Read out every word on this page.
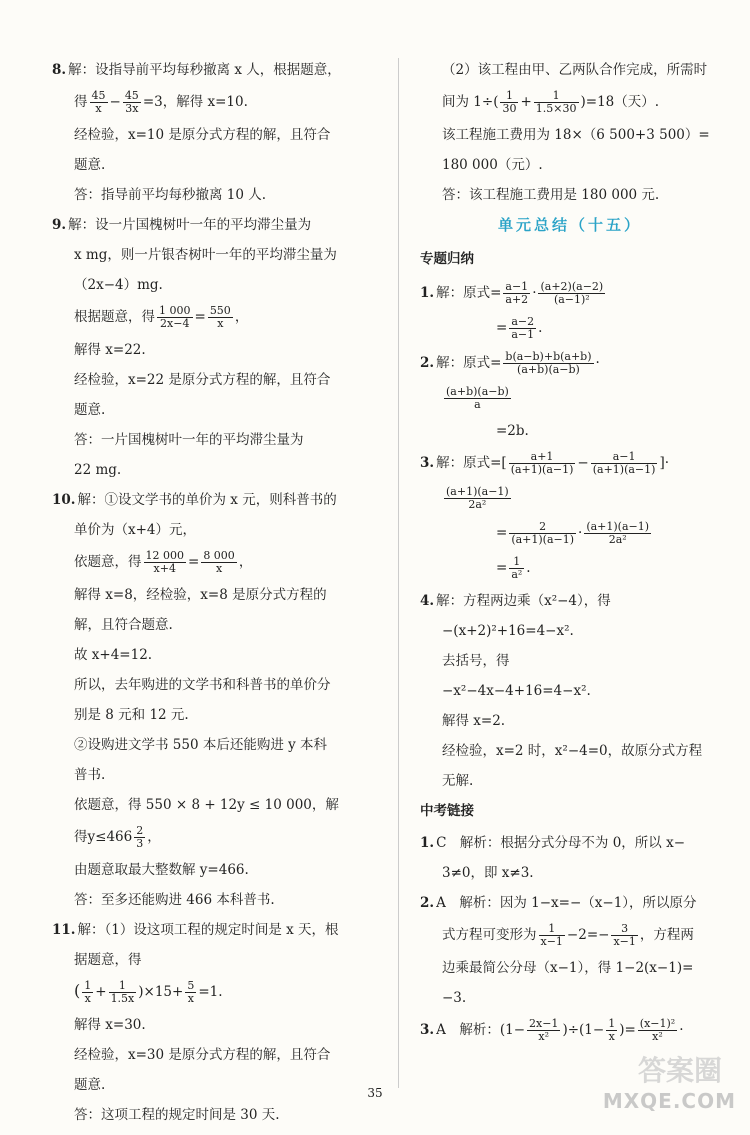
8. 解：设指导前平均每秒撤离 x 人，根据题意，
得 $\frac{45}{x} - \frac{45}{3x} =3$，解得 x=10.
经检验，x=10 是原分式方程的解，且符合
题意.
答：指导前平均每秒撤离 10 人.
9. 解：设一片国槐树叶一年的平均滞尘量为
x mg，则一片银杏树叶一年的平均滞尘量为
（2x−4）mg.
根据题意，得 $\frac{1 000}{2x-4} = \frac{550}{x}$ ，
解得 x=22.
经检验，x=22 是原分式方程的解，且符合
题意.
答：一片国槐树叶一年的平均滞尘量为
22 mg.
10. 解：①设文学书的单价为 x 元，则科普书的
单价为（x+4）元，
依题意，得 $\frac{12 000}{x+4} = \frac{8 000}{x}$ ，
解得 x=8，经检验，x=8 是原分式方程的
解，且符合题意.
故 x+4=12.
所以，去年购进的文学书和科普书的单价分
别是 8 元和 12 元.
②设购进文学书 550 本后还能购进 y 本科
普书.
依题意，得 550 × 8 + 12y ≤ 10 000，解
得$y\le 466 \frac{2}{3}$ ，
由题意取最大整数解 y=466.
答：至多还能购进 466 本科普书.
11. 解：（1）设这项工程的规定时间是 x 天，根
据题意，得
( $\frac{1}{x} + \frac{1}{1.5x} )\times 15+ \frac{5}{x} =1$.
解得 x=30.
经检验，x=30 是原分式方程的解，且符合
题意.
答：这项工程的规定时间是 30 天.
（2）该工程由甲、乙两队合作完成，所需时
间为 $1\div( \frac{1}{30} + \frac{1}{1.5\times 30} )=18$（天）.
该工程施工费用为 18×（6 500+3 500）=
180 000（元）.
答：该工程施工费用是 180 000 元.
单元总结（十五）
专题归纳
1. 解：原式= $\frac{a-1}{a+2} \cdot \frac{(a+2)(a-2)}{\text{(a−1)²}}$
= $\frac{a-2}{a-1}$ .
2. 解：原式= $\frac{b(a-b)+b(a+b)}{(a+b)(a-b)}$ ·
$\frac{(a+b)(a-b)}{a}$
=2b.
3. 解：原式=[ $\frac{a+1}{(a+1)(a-1)} - \frac{a-1}{(a+1)(a-1)}$ ]·
$\frac{(a+1)(a-1)}{\text{2a²}}$
= $\frac{2}{(a+1)(a-1)} \cdot \frac{(a+1)(a-1)}{\text{2a²}}$
= $\frac{1}{\text{a²}}$ .
4. 解：方程两边乘（x²−4），得
−(x+2)²+16=4−x².
去括号，得
−x²−4x−4+16=4−x².
解得 x=2.
经检验，x=2 时，x²−4=0，故原分式方程
无解.
中考链接
1. C　解析：根据分式分母不为 0，所以 x−
3≠0，即 x≠3.
2. A　解析：因为 1−x=−（x−1），所以原分
式方程可变形为 $\frac{1}{x-1} -2=- \frac{3}{x-1}$ ，方程两
边乘最简公分母（x−1），得 1−2(x−1)=
−3.
3. A　解析：$(1- \frac{2x-1}{\text{x²}} )\div(1- \frac{1}{x}$ )= $\frac{\text{(x−1)²}}{\text{x²}}$ ·
35
答案圈
MXQE.COM
